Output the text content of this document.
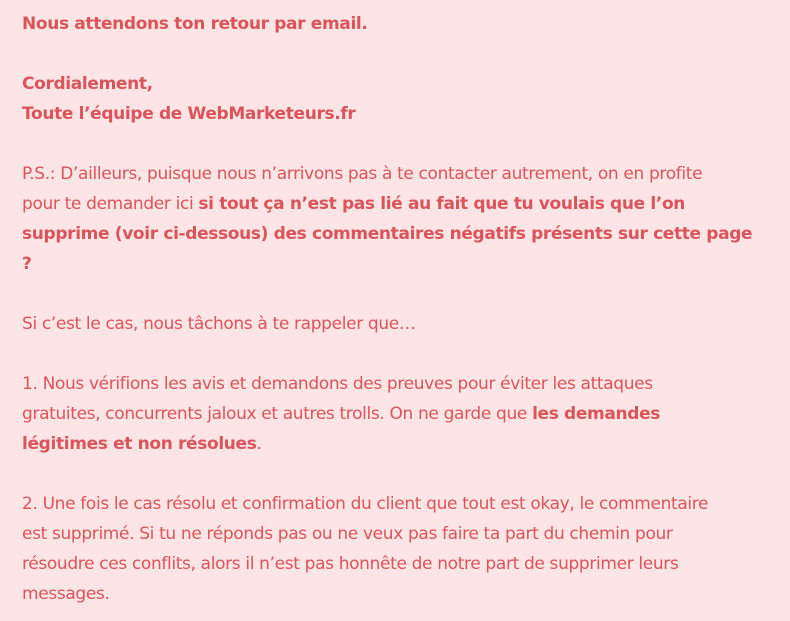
Nous attendons ton retour par email.

Cordialement,
Toute l’équipe de WebMarketeurs.fr

P.S.: D’ailleurs, puisque nous n’arrivons pas à te contacter autrement, on en profite
pour te demander ici si tout ça n’est pas lié au fait que tu voulais que l’on
supprime (voir ci-dessous) des commentaires négatifs présents sur cette page
?

Si c’est le cas, nous tâchons à te rappeler que…

1. Nous vérifions les avis et demandons des preuves pour éviter les attaques
gratuites, concurrents jaloux et autres trolls. On ne garde que les demandes
légitimes et non résolues.

2. Une fois le cas résolu et confirmation du client que tout est okay, le commentaire
est supprimé. Si tu ne réponds pas ou ne veux pas faire ta part du chemin pour
résoudre ces conflits, alors il n’est pas honnête de notre part de supprimer leurs
messages.
